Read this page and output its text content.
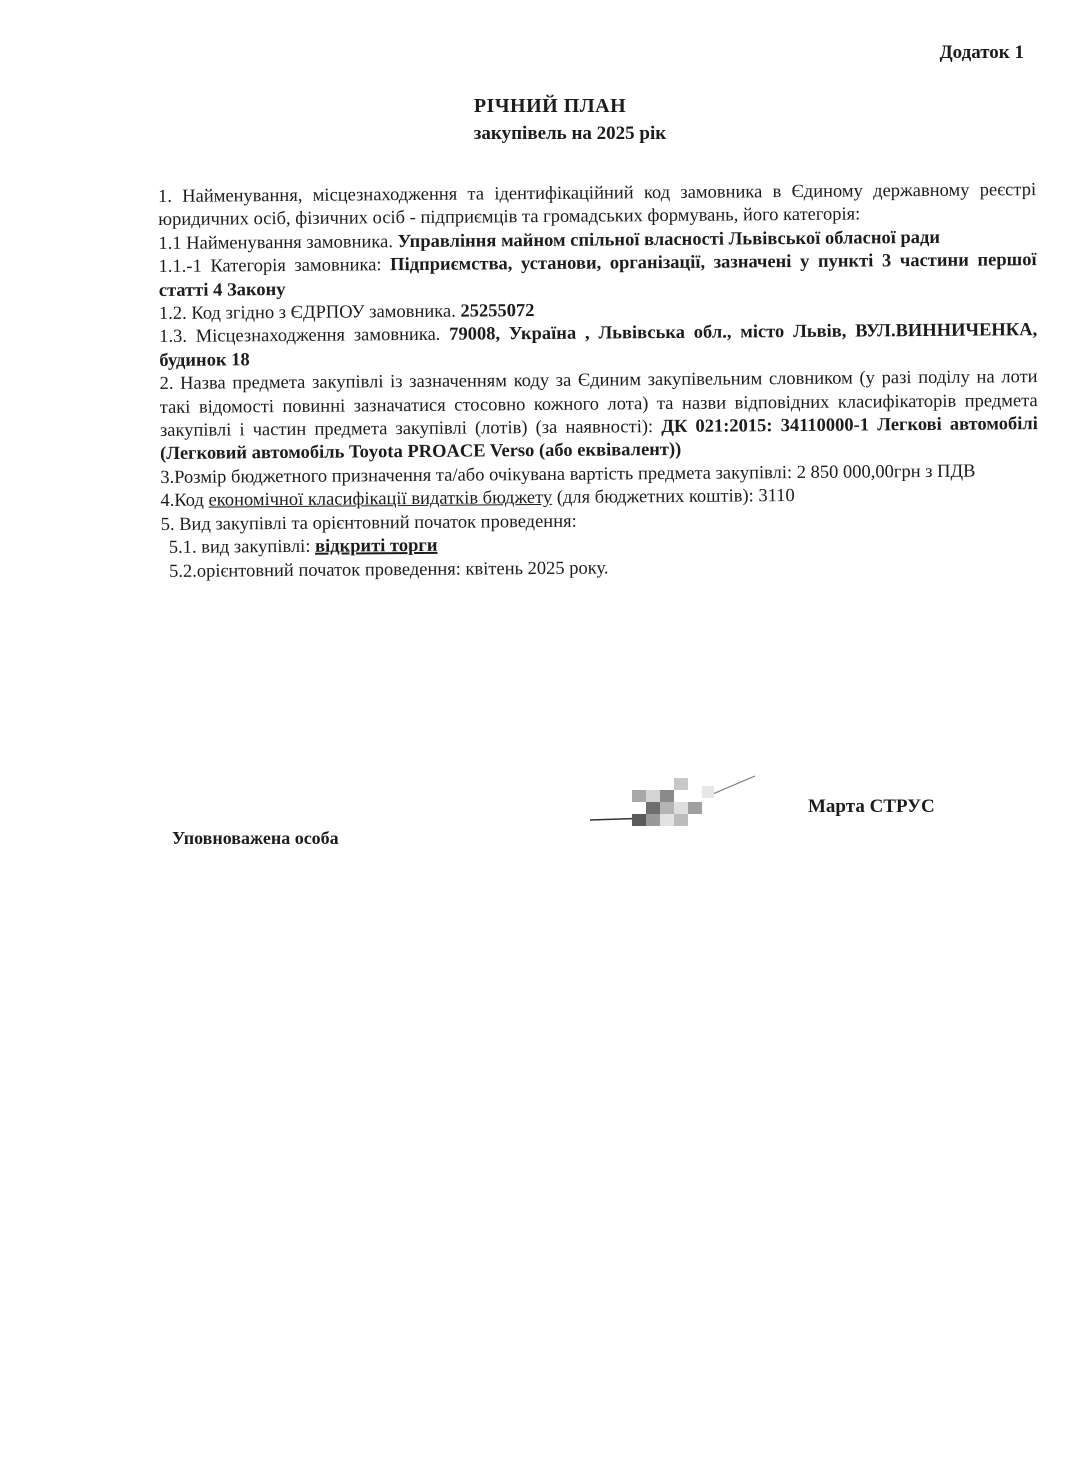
Додаток 1
РІЧНИЙ ПЛАН
закупівель на 2025 рік

1. Найменування, місцезнаходження та ідентифікаційний код замовника в Єдиному державному реєстрі юридичних осіб, фізичних осіб - підприємців та громадських формувань, його категорія:

1.1 Найменування замовника. Управління майном спільної власності Львівської обласної ради

1.1.-1 Категорія замовника: Підприємства, установи, організації, зазначені у пункті 3 частини першої статті 4 Закону

1.2. Код згідно з ЄДРПОУ замовника. 25255072

1.3. Місцезнаходження замовника. 79008, Україна , Львівська обл., місто Львів, ВУЛ.ВИННИЧЕНКА, будинок 18

2. Назва предмета закупівлі із зазначенням коду за Єдиним закупівельним словником (у разі поділу на лоти такі відомості повинні зазначатися стосовно кожного лота) та назви відповідних класифікаторів предмета закупівлі і частин предмета закупівлі (лотів) (за наявності): ДК 021:2015: 34110000-1 Легкові автомобілі (Легковий автомобіль Toyota PROACE Verso (або еквівалент))

3.Розмір бюджетного призначення та/або очікувана вартість предмета закупівлі: 2 850 000,00грн з ПДВ

4.Код економічної класифікації видатків бюджету (для бюджетних коштів): 3110

5. Вид закупівлі та орієнтовний початок проведення:

5.1. вид закупівлі: відкриті торги

5.2.орієнтовний початок проведення: квітень 2025 року.

Марта СТРУС
Уповноважена особа
